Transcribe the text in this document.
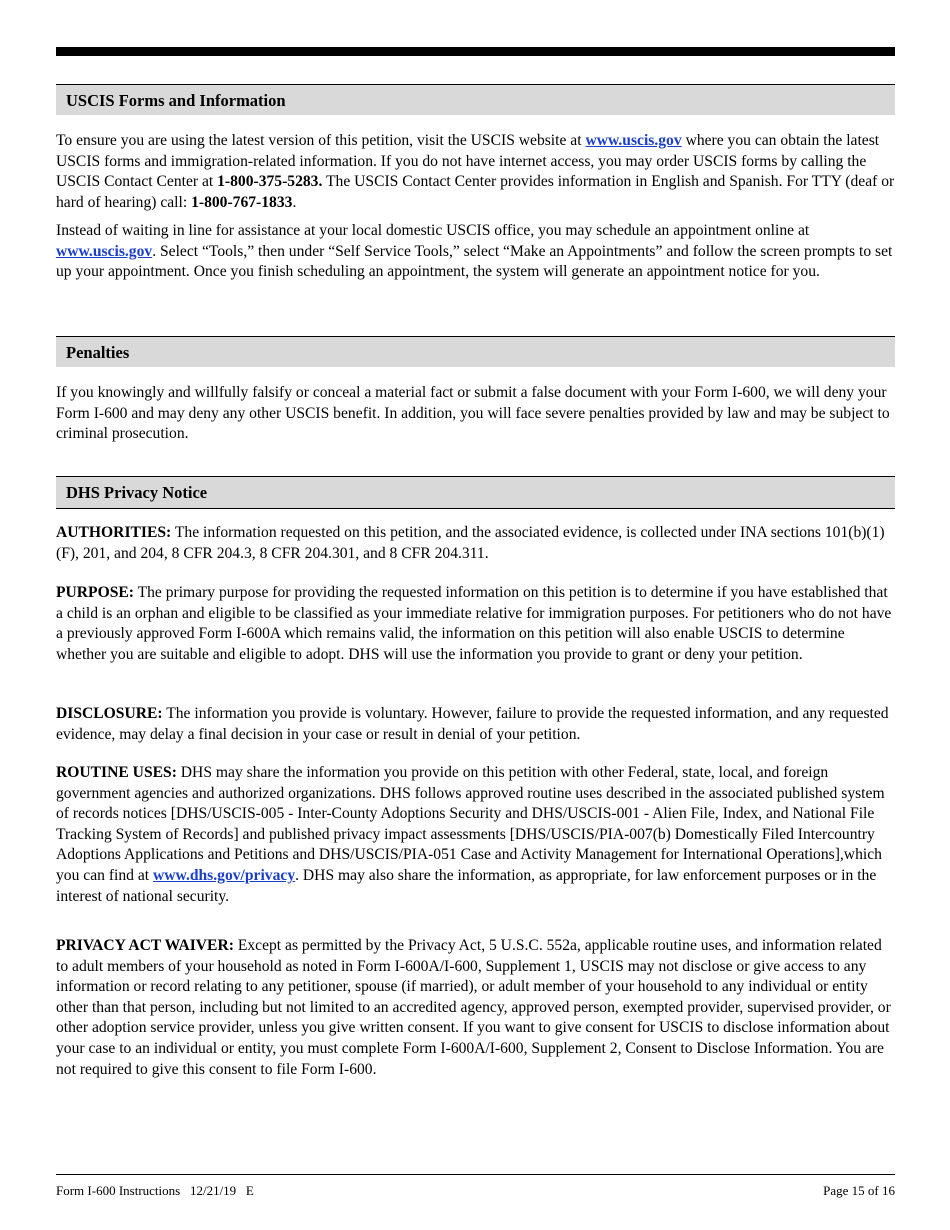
USCIS Forms and Information

To ensure you are using the latest version of this petition, visit the USCIS website at www.uscis.gov where you can obtain the latest USCIS forms and immigration-related information. If you do not have internet access, you may order USCIS forms by calling the USCIS Contact Center at 1-800-375-5283. The USCIS Contact Center provides information in English and Spanish. For TTY (deaf or hard of hearing) call: 1-800-767-1833.

Instead of waiting in line for assistance at your local domestic USCIS office, you may schedule an appointment online at www.uscis.gov. Select “Tools,” then under “Self Service Tools,” select “Make an Appointments” and follow the screen prompts to set up your appointment. Once you finish scheduling an appointment, the system will generate an appointment notice for you.

Penalties

If you knowingly and willfully falsify or conceal a material fact or submit a false document with your Form I-600, we will deny your Form I-600 and may deny any other USCIS benefit. In addition, you will face severe penalties provided by law and may be subject to criminal prosecution.

DHS Privacy Notice

AUTHORITIES: The information requested on this petition, and the associated evidence, is collected under INA sections 101(b)(1)(F), 201, and 204, 8 CFR 204.3, 8 CFR 204.301, and 8 CFR 204.311.

PURPOSE: The primary purpose for providing the requested information on this petition is to determine if you have established that a child is an orphan and eligible to be classified as your immediate relative for immigration purposes. For petitioners who do not have a previously approved Form I-600A which remains valid, the information on this petition will also enable USCIS to determine whether you are suitable and eligible to adopt. DHS will use the information you provide to grant or deny your petition.

DISCLOSURE: The information you provide is voluntary. However, failure to provide the requested information, and any requested evidence, may delay a final decision in your case or result in denial of your petition.

ROUTINE USES: DHS may share the information you provide on this petition with other Federal, state, local, and foreign government agencies and authorized organizations. DHS follows approved routine uses described in the associated published system of records notices [DHS/USCIS-005 - Inter-County Adoptions Security and DHS/USCIS-001 - Alien File, Index, and National File Tracking System of Records] and published privacy impact assessments [DHS/USCIS/PIA-007(b) Domestically Filed Intercountry Adoptions Applications and Petitions and DHS/USCIS/PIA-051 Case and Activity Management for International Operations],which you can find at www.dhs.gov/privacy. DHS may also share the information, as appropriate, for law enforcement purposes or in the interest of national security.

PRIVACY ACT WAIVER: Except as permitted by the Privacy Act, 5 U.S.C. 552a, applicable routine uses, and information related to adult members of your household as noted in Form I-600A/I-600, Supplement 1, USCIS may not disclose or give access to any information or record relating to any petitioner, spouse (if married), or adult member of your household to any individual or entity other than that person, including but not limited to an accredited agency, approved person, exempted provider, supervised provider, or other adoption service provider, unless you give written consent. If you want to give consent for USCIS to disclose information about your case to an individual or entity, you must complete Form I-600A/I-600, Supplement 2, Consent to Disclose Information. You are not required to give this consent to file Form I-600.

Form I-600 Instructions   12/21/19   E	Page 15 of 16
